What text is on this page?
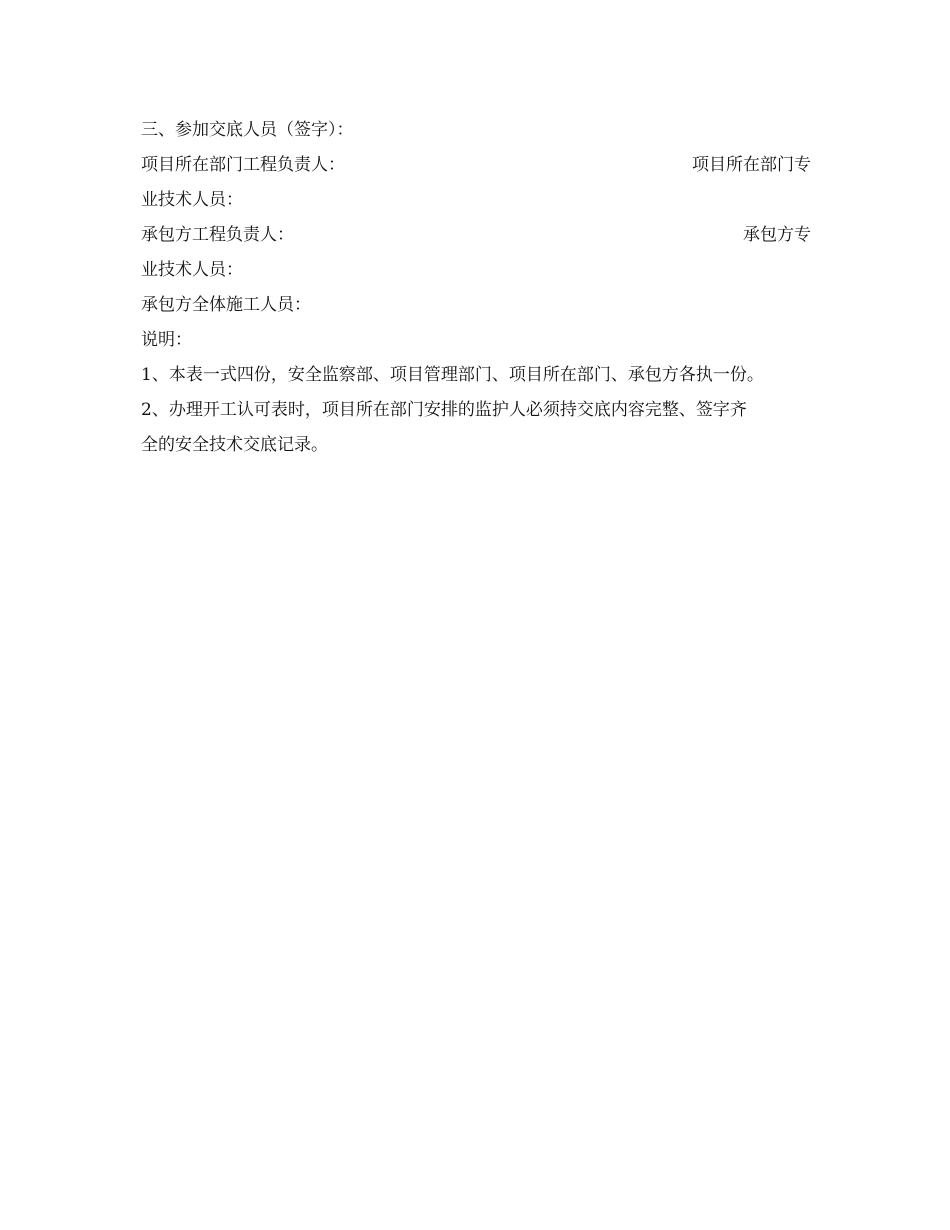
三、参加交底人员（签字）：
项目所在部门工程负责人：	项目所在部门专
业技术人员：
承包方工程负责人：	承包方专
业技术人员：
承包方全体施工人员：
说明：
1、本表一式四份，安全监察部、项目管理部门、项目所在部门、承包方各执一份。
2、办理开工认可表时，项目所在部门安排的监护人必须持交底内容完整、签字齐
全的安全技术交底记录。
